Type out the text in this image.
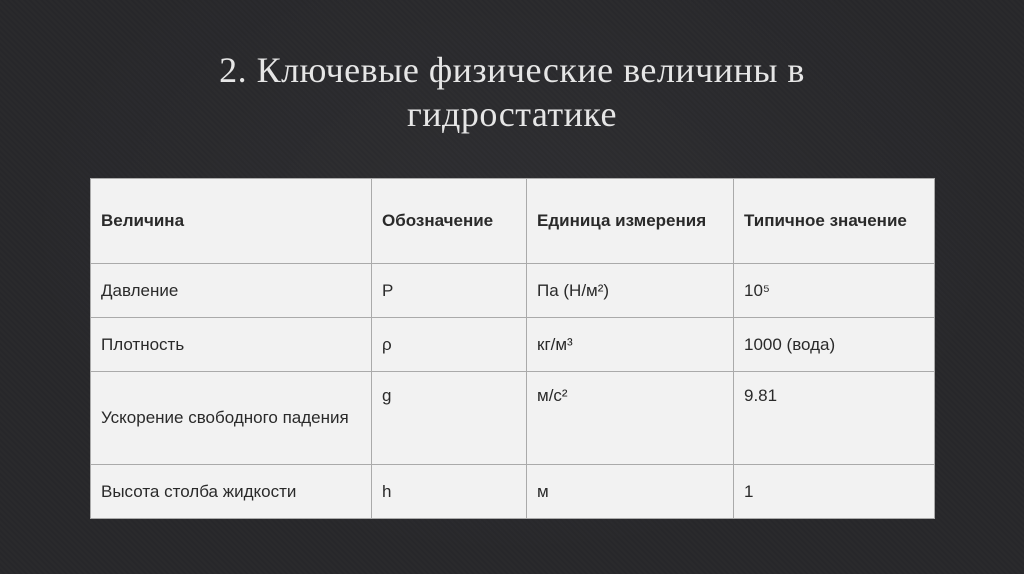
2. Ключевые физические величины в
гидростатике
Величина	Обозначение	Единица измерения	Типичное значение
Давление	P	Па (Н/м²)	10⁵
Плотность	ρ	кг/м³	1000 (вода)
Ускорение свободного падения	g	м/с²	9.81
Высота столба жидкости	h	м	1
